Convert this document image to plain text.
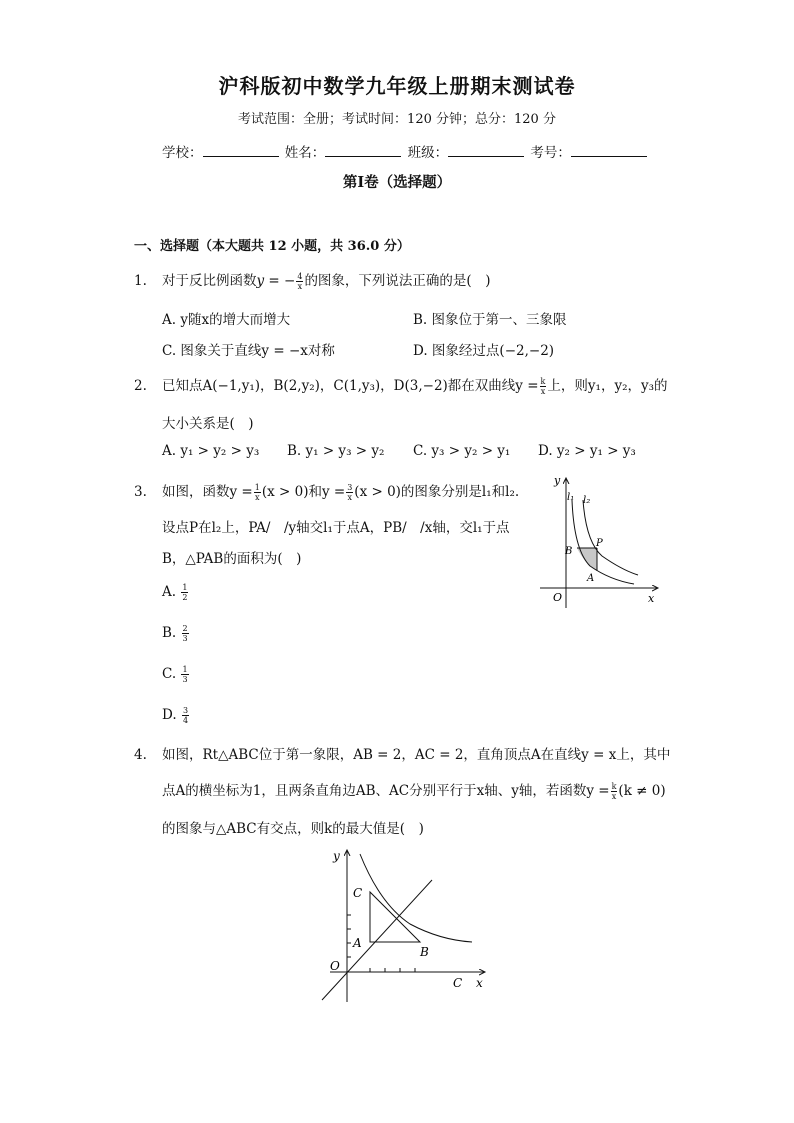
沪科版初中数学九年级上册期末测试卷
考试范围：全册；考试时间：120 分钟；总分：120 分
学校：	姓名：	班级：	考号：
第Ⅰ卷（选择题）
一、选择题（本大题共 12 小题，共 36.0 分）
1. 对于反比例函数y = − $\frac{4}{x}$ 的图象，下列说法正确的是(　)
A. y随x的增大而增大	B. 图象位于第一、三象限
C. 图象关于直线y = −x对称	D. 图象经过点(−2,−2)
2. 已知点A(−1,y₁)，B(2,y₂)，C(1,y₃)，D(3,−2)都在双曲线$y = \frac{k}{x}$ 上，则y₁，y₂，y₃的
大小关系是(　)
A. y₁ > y₂ > y₃ B. y₁ > y₃ > y₂ C. y₃ > y₂ > y₁ D. y₂ > y₁ > y₃
3. 如图，函数$y = \frac{1}{x} (x > 0)$和$y = \frac{3}{x} (x > 0)$的图象分别是l₁和l₂.
设点P在l₂上，PA/　/y轴交l₁于点A，PB/　/x轴，交l₁于点
B，△PAB的面积为(　)
A. $\frac{1}{2}$
B. $\frac{2}{3}$
C. $\frac{1}{3}$
D. $\frac{3}{4}$
y
x
O
l₁ l₂
P
A
B
4. 如图，Rt△ABC位于第一象限，AB = 2，AC = 2，直角顶点A在直线y = x上，其中
点A的横坐标为1，且两条直角边AB、AC分别平行于x轴、y轴，若函数$y = \frac{k}{x} (k \ne 0)$
的图象与△ABC有交点，则k的最大值是(　)
y
x
O
C
A
B
C
